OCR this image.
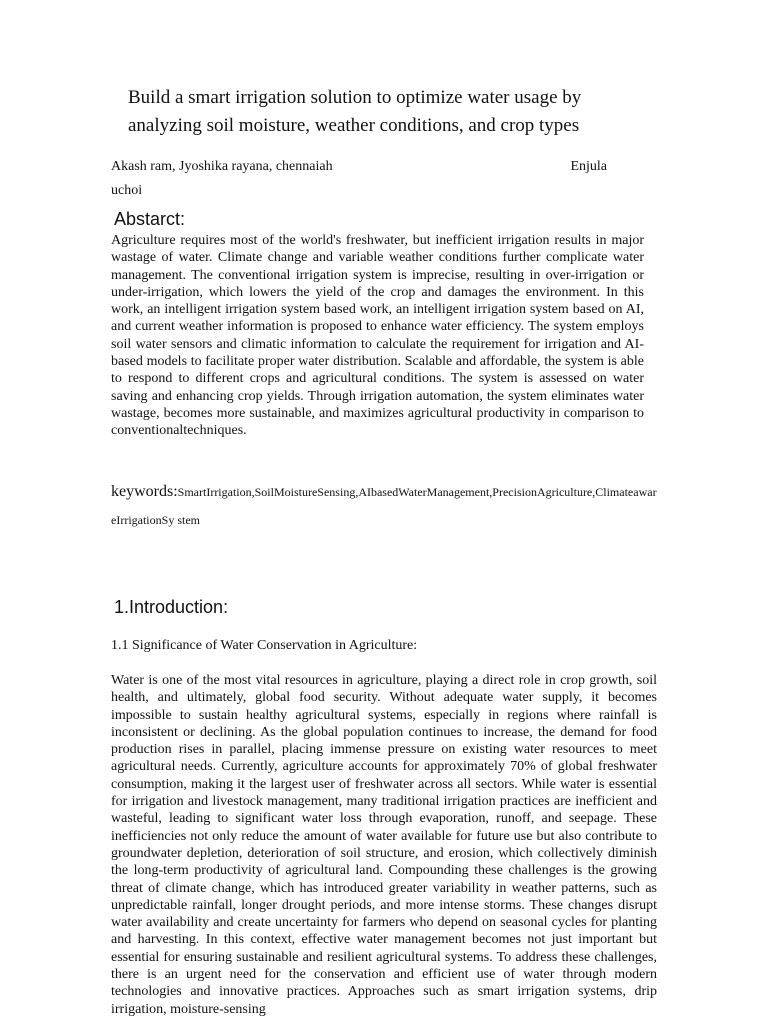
Build a smart irrigation solution to optimize water usage by analyzing soil moisture, weather conditions, and crop types
Akash ram, Jyoshika rayana, chennaiah	Enjula
uchoi
Abstarct:

Agriculture requires most of the world's freshwater, but inefficient irrigation results in major wastage of water. Climate change and variable weather conditions further complicate water management. The conventional irrigation system is imprecise, resulting in over-irrigation or under-irrigation, which lowers the yield of the crop and damages the environment. In this work, an intelligent irrigation system based work, an intelligent irrigation system based on AI, and current weather information is proposed to enhance water efficiency. The system employs soil water sensors and climatic information to calculate the requirement for irrigation and AI-based models to facilitate proper water distribution. Scalable and affordable, the system is able to respond to different crops and agricultural conditions. The system is assessed on water saving and enhancing crop yields. Through irrigation automation, the system eliminates water wastage, becomes more sustainable, and maximizes agricultural productivity in comparison to conventionaltechniques.

keywords:SmartIrrigation,SoilMoistureSensing,AIbasedWaterManagement,PrecisionAgriculture,ClimateawareIrrigationSy stem

1.Introduction:
1.1 Significance of Water Conservation in Agriculture:

Water is one of the most vital resources in agriculture, playing a direct role in crop growth, soil health, and ultimately, global food security. Without adequate water supply, it becomes impossible to sustain healthy agricultural systems, especially in regions where rainfall is inconsistent or declining. As the global population continues to increase, the demand for food production rises in parallel, placing immense pressure on existing water resources to meet agricultural needs. Currently, agriculture accounts for approximately 70% of global freshwater consumption, making it the largest user of freshwater across all sectors. While water is essential for irrigation and livestock management, many traditional irrigation practices are inefficient and wasteful, leading to significant water loss through evaporation, runoff, and seepage. These inefficiencies not only reduce the amount of water available for future use but also contribute to groundwater depletion, deterioration of soil structure, and erosion, which collectively diminish the long-term productivity of agricultural land. Compounding these challenges is the growing threat of climate change, which has introduced greater variability in weather patterns, such as unpredictable rainfall, longer drought periods, and more intense storms. These changes disrupt water availability and create uncertainty for farmers who depend on seasonal cycles for planting and harvesting. In this context, effective water management becomes not just important but essential for ensuring sustainable and resilient agricultural systems. To address these challenges, there is an urgent need for the conservation and efficient use of water through modern technologies and innovative practices. Approaches such as smart irrigation systems, drip irrigation, moisture-sensing
